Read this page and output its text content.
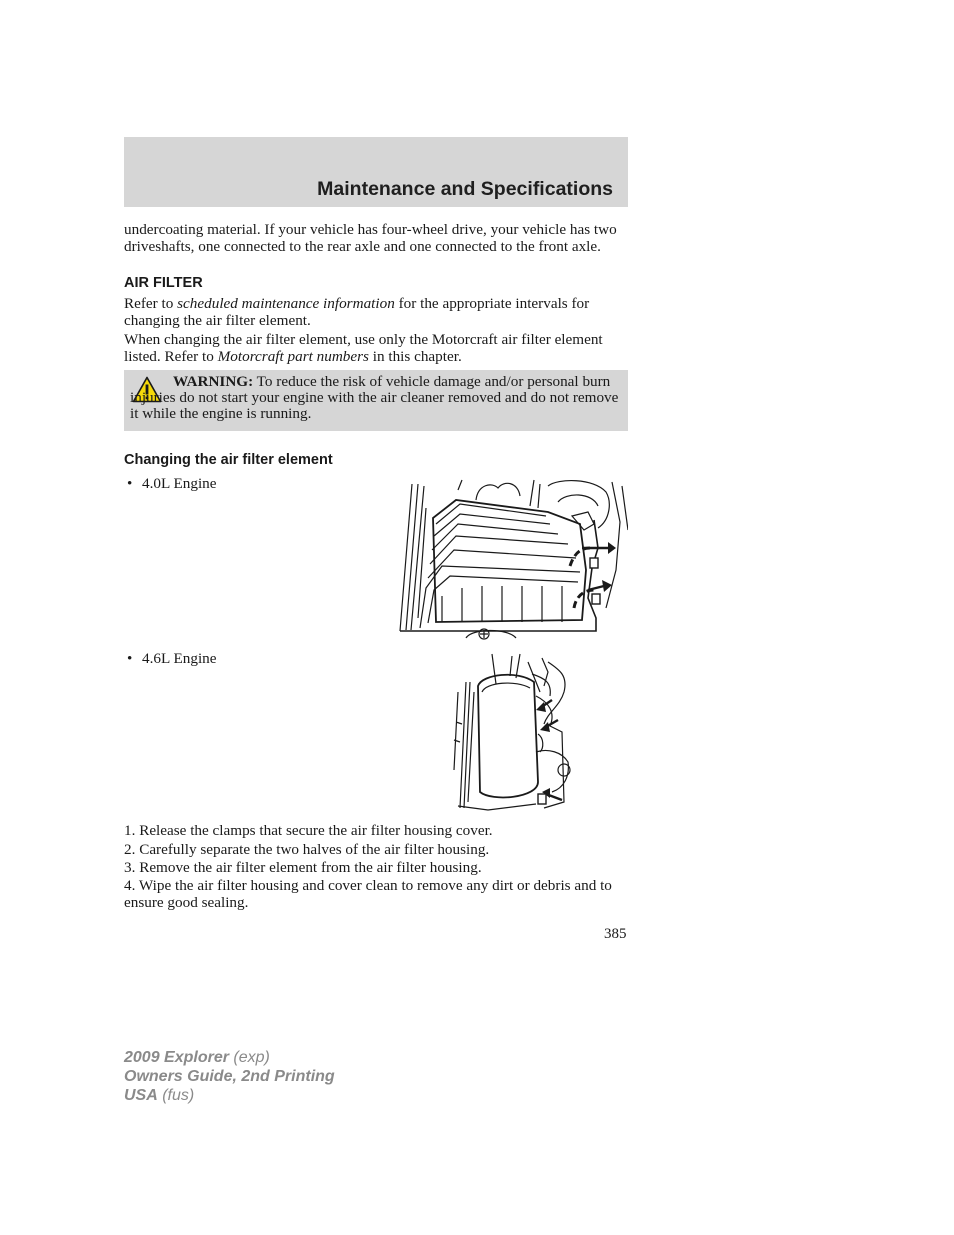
Maintenance and Specifications

undercoating material. If your vehicle has four-wheel drive, your vehicle has two driveshafts, one connected to the rear axle and one connected to the front axle.

AIR FILTER

Refer to scheduled maintenance information for the appropriate intervals for changing the air filter element.

When changing the air filter element, use only the Motorcraft air filter element listed. Refer to Motorcraft part numbers in this chapter.

WARNING: To reduce the risk of vehicle damage and/or personal burn injuries do not start your engine with the air cleaner removed and do not remove it while the engine is running.

Changing the air filter element

• 4.0L Engine

• 4.6L Engine

1. Release the clamps that secure the air filter housing cover.

2. Carefully separate the two halves of the air filter housing.

3. Remove the air filter element from the air filter housing.

4. Wipe the air filter housing and cover clean to remove any dirt or debris and to ensure good sealing.

385

2009 Explorer (exp)
Owners Guide, 2nd Printing
USA (fus)
